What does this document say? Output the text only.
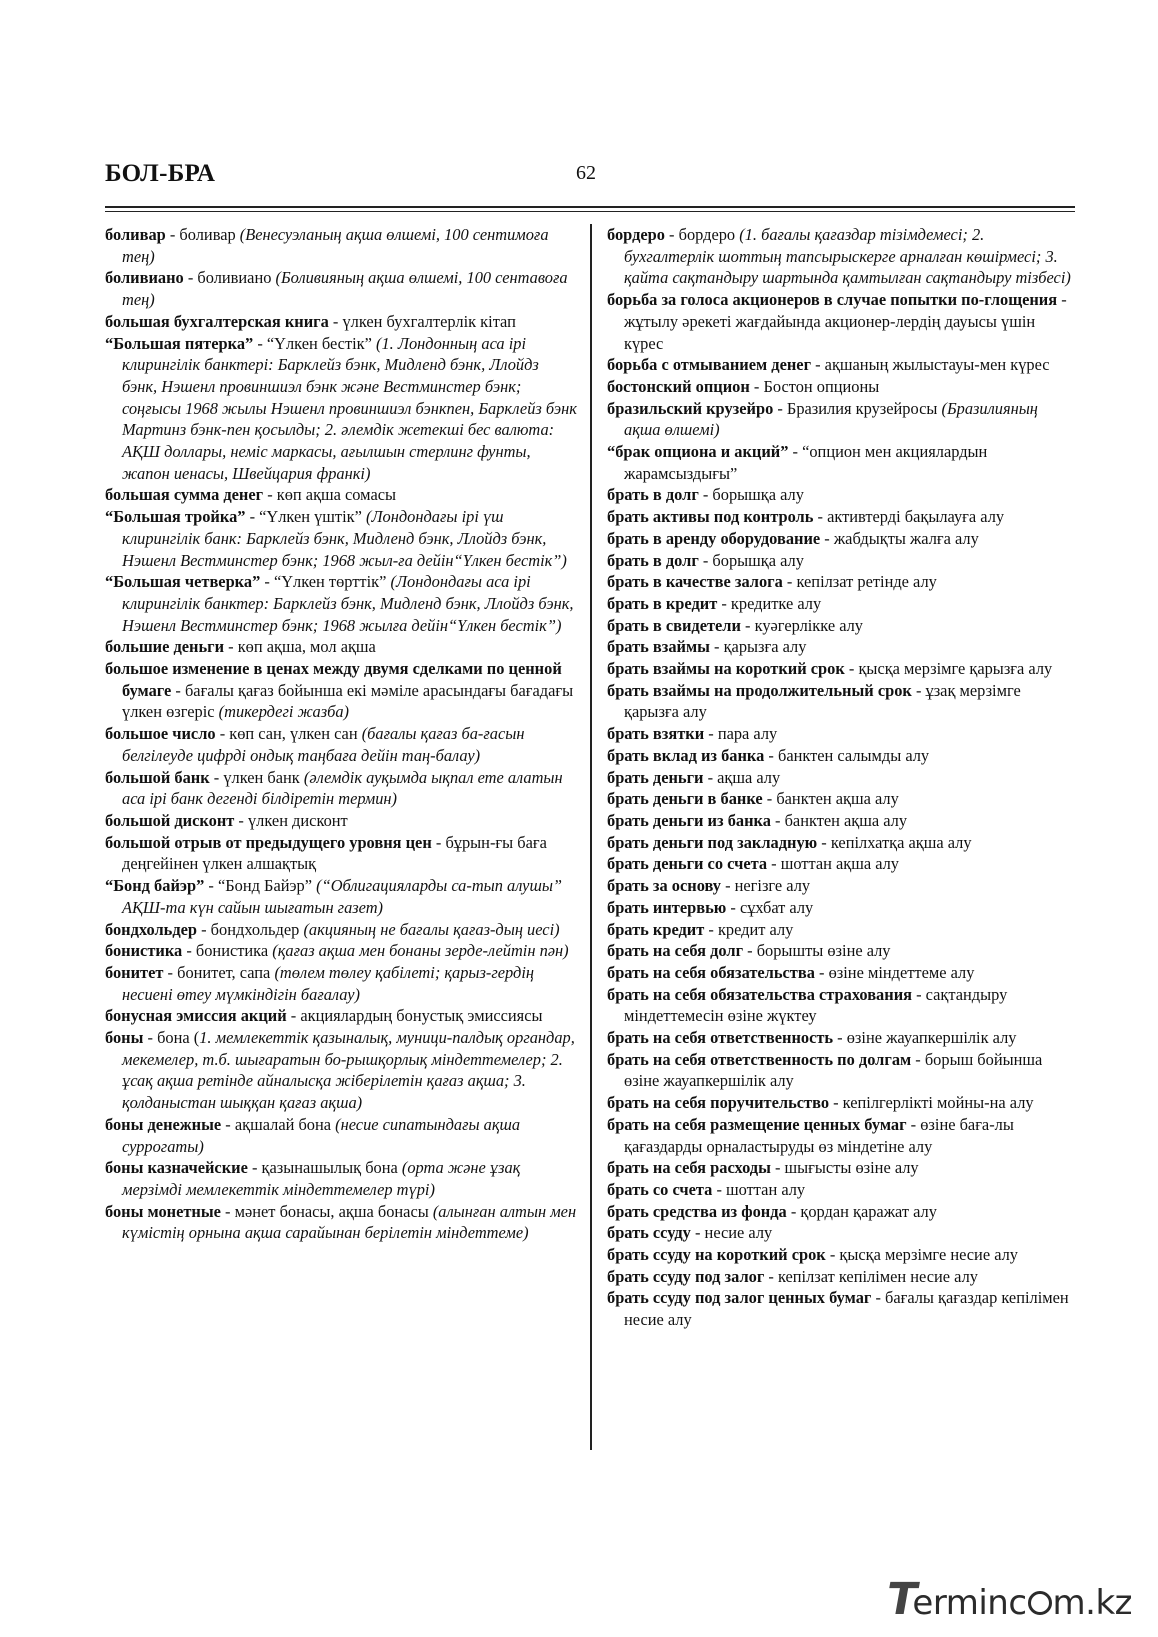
БОЛ-БРА	62

боливар - боливар (Венесуэланың ақша өлшемі, 100 сентимоға тең)

боливиано - боливиано (Боливияның ақша өлшемі, 100 сентавоға тең)

большая бухгалтерская книга - үлкен бухгалтерлік кітап

“Большая пятерка” - “Үлкен бестік” (1. Лондонның аса ірі клирингілік банктері: Барклейз бэнк, Мидленд бэнк, Ллойдз бэнк, Нэшенл провиншиэл бэнк және Вестминстер бэнк; соңғысы 1968 жылы Нэшенл провиншиэл бэнкпен, Барклейз бэнк Мартинз бэнк-пен қосылды; 2. әлемдік жетекші бес валюта: АҚШ доллары, неміс маркасы, ағылшын стерлинг фунты, жапон иенасы, Швейцария франкі)

большая сумма денег - көп ақша сомасы

“Большая тройка” - “Үлкен үштік” (Лондондағы ірі үш клирингілік банк: Барклейз бэнк, Мидленд бэнк, Ллойдз бэнк, Нэшенл Вестминстер бэнк; 1968 жыл-ға дейін“Үлкен бестік”)

“Большая четверка” - “Үлкен төрттік” (Лондондағы аса ірі клирингілік банктер: Барклейз бэнк, Мидленд бэнк, Ллойдз бэнк, Нэшенл Вестминстер бэнк; 1968 жылға дейін“Үлкен бестік”)

большие деньги - көп ақша, мол ақша

большое изменение в ценах между двумя сделками по ценной бумаге - бағалы қағаз бойынша екі мәміле арасындағы бағадағы үлкен өзгеріс (тикердегі жазба)

большое число - көп сан, үлкен сан (бағалы қағаз ба-ғасын белгілеуде цифрді ондық таңбаға дейін таң-балау)

большой банк - үлкен банк (әлемдік ауқымда ықпал ете алатын аса ірі банк дегенді білдіретін термин)

большой дисконт - үлкен дисконт

большой отрыв от предыдущего уровня цен - бұрын-ғы баға деңгейінен үлкен алшақтық

“Бонд байэр” - “Бонд Байэр” (“Облигацияларды са-тып алушы” АҚШ-та күн сайын шығатын газет)

бондхольдер - бондхольдер (акцияның не бағалы қағаз-дың иесі)

бонистика - бонистика (қағаз ақша мен бонаны зерде-лейтін пән)

бонитет - бонитет, сапа (төлем төлеу қабілеті; қарыз-гердің несиені өтеу мүмкіндігін бағалау)

бонусная эмиссия акций - акциялардың бонустық эмиссиясы

боны - бона (1. мемлекеттік қазыналық, муници-палдық органдар, мекемелер, т.б. шығаратын бо-рышқорлық міндеттемелер; 2. ұсақ ақша ретінде айналысқа жіберілетін қағаз ақша; 3. қолданыстан шыққан қағаз ақша)

боны денежные - ақшалай бона (несие сипатындағы ақша суррогаты)

боны казначейские - қазынашылық бона (орта және ұзақ мерзімді мемлекеттік міндеттемелер түрі)

боны монетные - мәнет бонасы, ақша бонасы (алынған алтын мен күмістің орнына ақша сарайынан берілетін міндеттеме)

бордеро - бордеро (1. бағалы қағаздар тізімдемесі; 2. бухгалтерлік шоттың тапсырыскерге арналған көшірмесі; 3. қайта сақтандыру шартында қамтылған сақтандыру тізбесі)

борьба за голоса акционеров в случае попытки по-глощения - жұтылу әрекеті жағдайында акционер-лердің дауысы үшін күрес

борьба с отмыванием денег - ақшаның жылыстауы-мен күрес

бостонский опцион - Бостон опционы

бразильский крузейро - Бразилия крузейросы (Бразилияның ақша өлшемі)

“брак опциона и акций” - “опцион мен акциялардын жарамсыздығы”

брать в долг - борышқа алу

брать активы под контроль - активтерді бақылауға алу

брать в аренду оборудование - жабдықты жалға алу

брать в долг - борышқа алу

брать в качестве залога - кепілзат ретінде алу

брать в кредит - кредитке алу

брать в свидетели - куәгерлікке алу

брать взаймы - қарызға алу

брать взаймы на короткий срок - қысқа мерзімге қарызға алу

брать взаймы на продолжительный срок - ұзақ мерзімге қарызға алу

брать взятки - пара алу

брать вклад из банка - банктен салымды алу

брать деньги - ақша алу

брать деньги в банке - банктен ақша алу

брать деньги из банка - банктен ақша алу

брать деньги под закладную - кепілхатқа ақша алу

брать деньги со счета - шоттан ақша алу

брать за основу - негізге алу

брать интервью - сұхбат алу

брать кредит - кредит алу

брать на себя долг - борышты өзіне алу

брать на себя обязательства - өзіне міндеттеме алу

брать на себя обязательства страхования - сақтандыру міндеттемесін өзіне жүктеу

брать на себя ответственность - өзіне жауапкершілік алу

брать на себя ответственность по долгам - борыш бойынша өзіне жауапкершілік алу

брать на себя поручительство - кепілгерлікті мойны-на алу

брать на себя размещение ценных бумаг - өзіне баға-лы қағаздарды орналастыруды өз міндетіне алу

брать на себя расходы - шығысты өзіне алу

брать со счета - шоттан алу

брать средства из фонда - қордан қаражат алу

брать ссуду - несие алу

брать ссуду на короткий срок - қысқа мерзімге несие алу

брать ссуду под залог - кепілзат кепілімен несие алу

брать ссуду под залог ценных бумаг - бағалы қағаздар кепілімен несие алу

Terminc m.kz
